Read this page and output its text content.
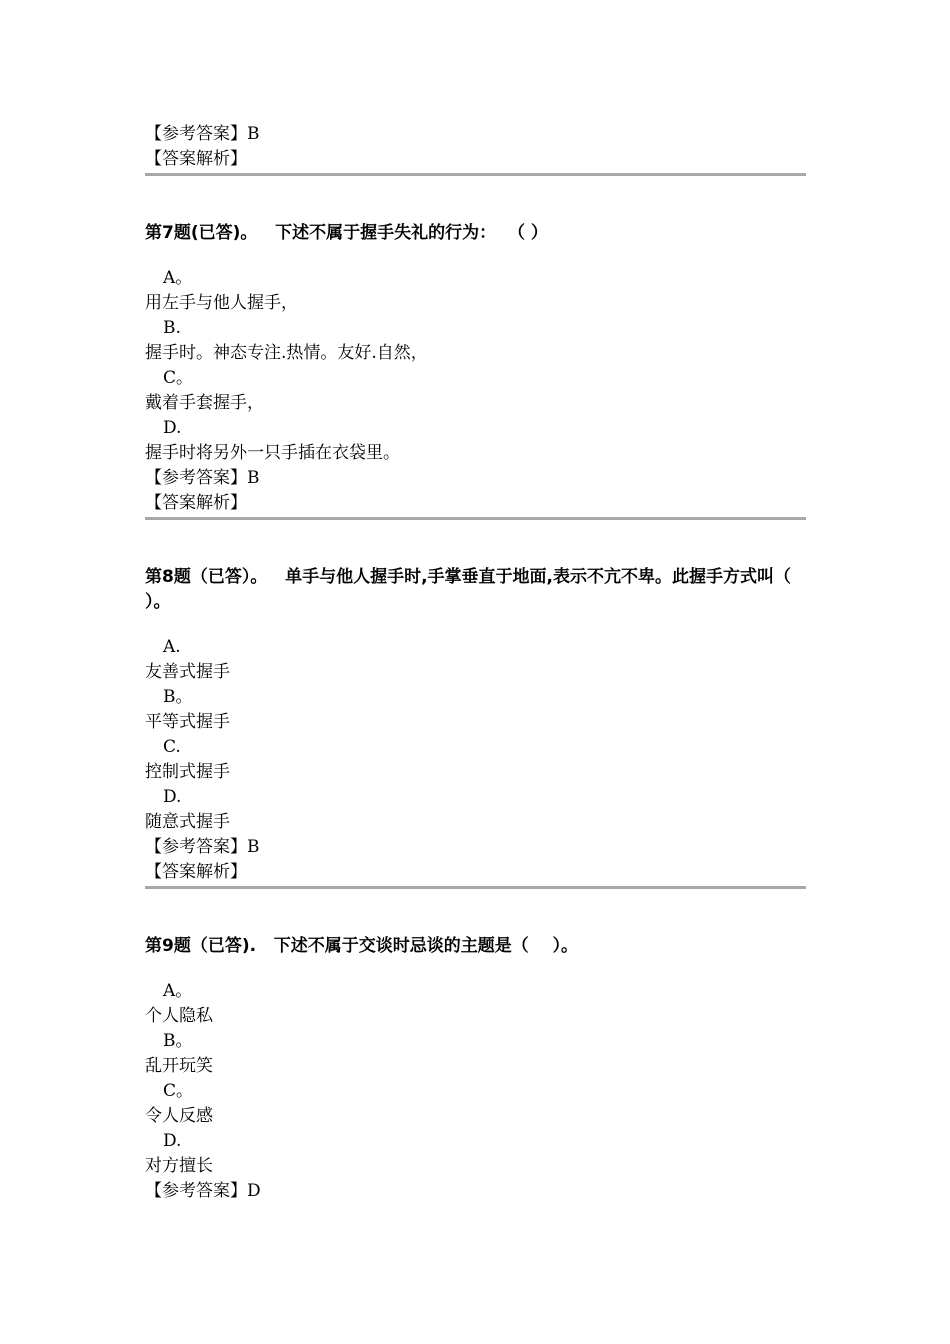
【参考答案】B
【答案解析】
第7题(已答)。   下述不属于握手失礼的行为：  （ ）
A。
用左手与他人握手，
B.
握手时。神态专注.热情。友好.自然，
C。
戴着手套握手，
D.
握手时将另外一只手插在衣袋里。
【参考答案】B
【答案解析】
第8题（已答）。   单手与他人握手时,手掌垂直于地面,表示不亢不卑。此握手方式叫（    ）。
A.
友善式握手
B。
平等式握手
C.
控制式握手
D.
随意式握手
【参考答案】B
【答案解析】
第9题（已答).   下述不属于交谈时忌谈的主题是（    ）。
A。
个人隐私
B。
乱开玩笑
C。
令人反感
D.
对方擅长
【参考答案】D
